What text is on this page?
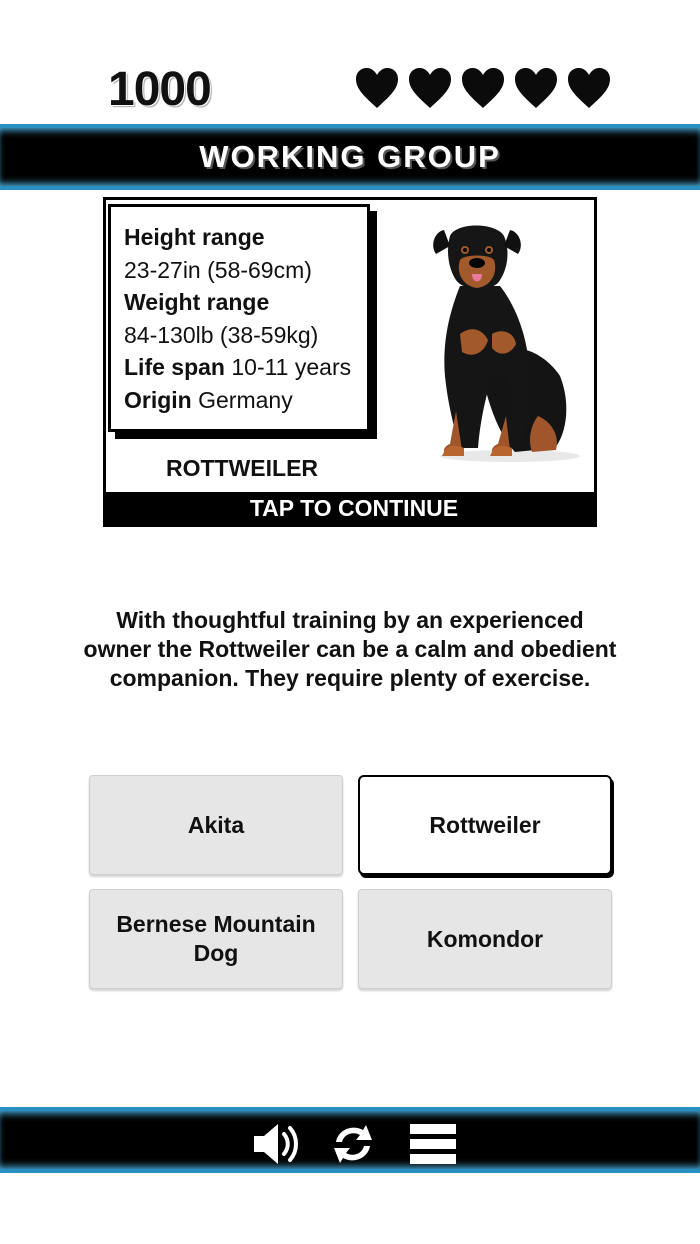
1000
WORKING GROUP
Height range
23-27in (58-69cm)
Weight range
84-130lb (38-59kg)
Life span 10-11 years
Origin Germany
ROTTWEILER
TAP TO CONTINUE
With thoughtful training by an experienced owner the Rottweiler can be a calm and obedient companion. They require plenty of exercise.
Akita	Rottweiler
Bernese Mountain Dog
Komondor
